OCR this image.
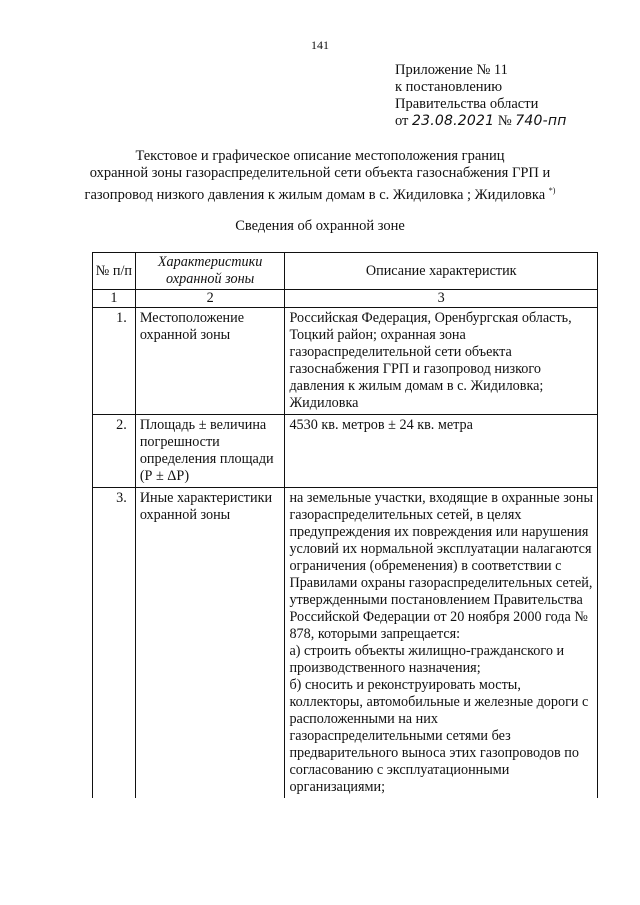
141
Приложение № 11
к постановлению
Правительства области
от 23.08.2021 № 740-пп
Текстовое и графическое описание местоположения границ
охранной зоны газораспределительной сети объекта газоснабжения ГРП и
газопровод низкого давления к жилым домам в с. Жидиловка ; Жидиловка *)
Сведения об охранной зоне
№ п/п	Характеристики охранной зоны	Описание характеристик
1	2	3
1.	Местоположение охранной зоны	Российская Федерация, Оренбургская область, Тоцкий район; охранная зона газораспределительной сети объекта газоснабжения ГРП и газопровод низкого давления к жилым домам в с. Жидиловка; Жидиловка
2.	Площадь ± величина погрешности определения площади (Р ± ΔР)	4530 кв. метров ± 24 кв. метра
3.	Иные характеристики охранной зоны	на земельные участки, входящие в охранные зоны газораспределительных сетей, в целях предупреждения их повреждения или нарушения условий их нормальной эксплуатации налагаются ограничения (обременения) в соответствии с Правилами охраны газораспределительных сетей, утвержденными постановлением Правительства Российской Федерации от 20 ноября 2000 года № 878, которыми запрещается:
а) строить объекты жилищно-гражданского и производственного назначения;
б) сносить и реконструировать мосты, коллекторы, автомобильные и железные дороги с расположенными на них газораспределительными сетями без предварительного выноса этих газопроводов по согласованию с эксплуатационными организациями;
